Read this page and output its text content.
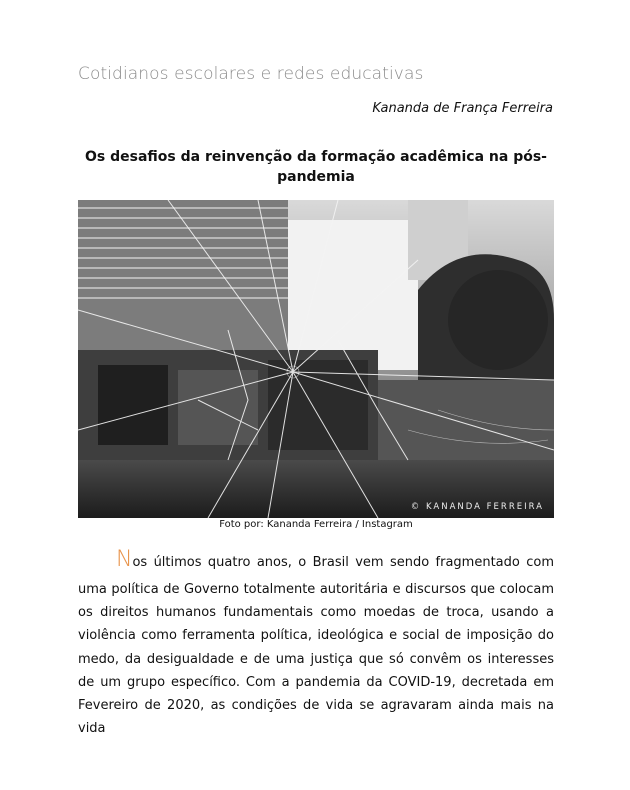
Cotidianos escolares e redes educativas
Kananda de França Ferreira
Os desafios da reinvenção da formação acadêmica na pós-pandemia
© KANANDA FERREIRA
Foto por: Kananda Ferreira / Instagram

Nos últimos quatro anos, o Brasil vem sendo fragmentado com

uma política de Governo totalmente autoritária e discursos que colocam os direitos humanos fundamentais como moedas de troca, usando a violência como ferramenta política, ideológica e social de imposição do medo, da desigualdade e de uma justiça que só convêm os interesses de um grupo específico. Com a pandemia da COVID-19, decretada em Fevereiro de 2020, as condições de vida se agravaram ainda mais na vida
